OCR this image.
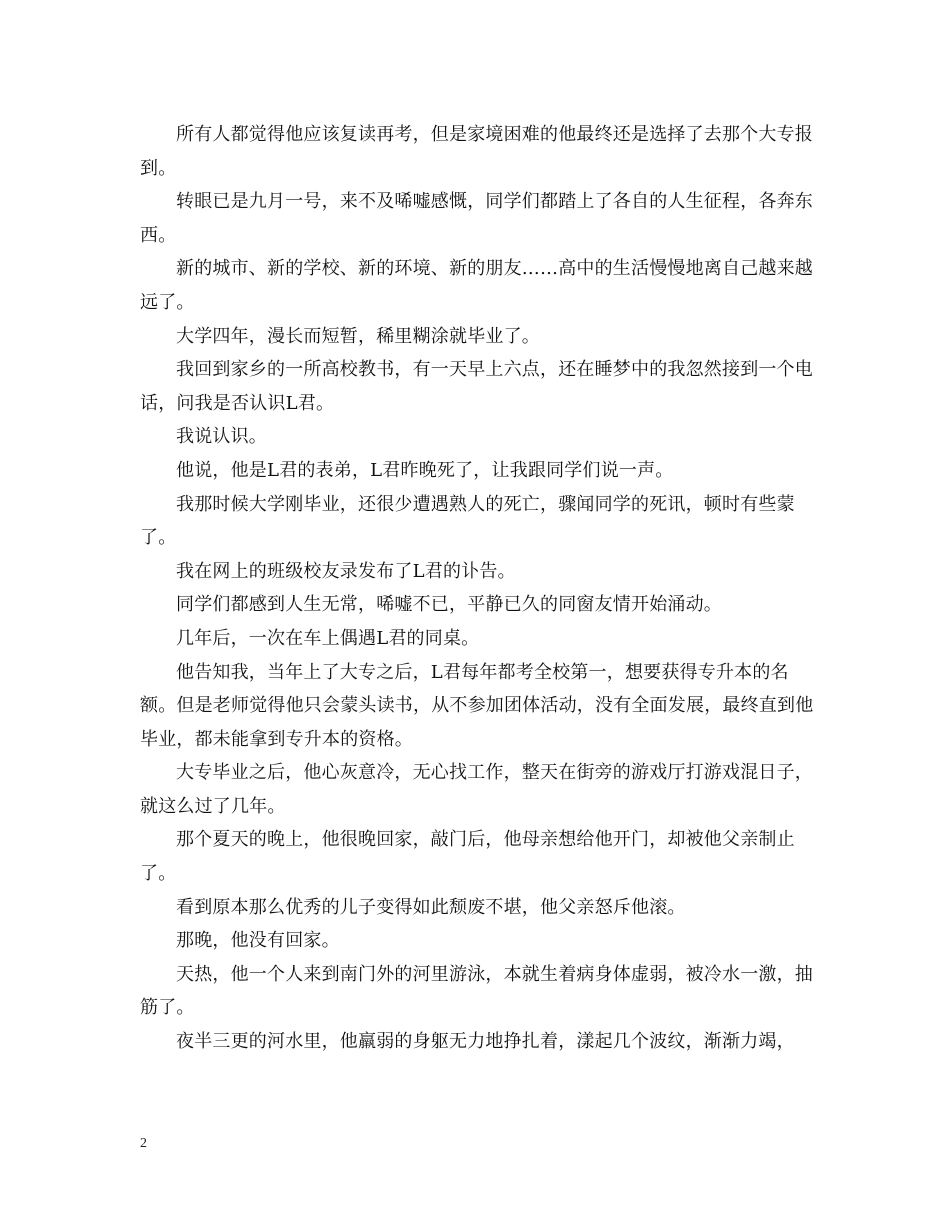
所有人都觉得他应该复读再考，但是家境困难的他最终还是选择了去那个大专报到。

转眼已是九月一号，来不及唏嘘感慨，同学们都踏上了各自的人生征程，各奔东西。

新的城市、新的学校、新的环境、新的朋友……高中的生活慢慢地离自己越来越远了。

大学四年，漫长而短暂，稀里糊涂就毕业了。

我回到家乡的一所高校教书，有一天早上六点，还在睡梦中的我忽然接到一个电话，问我是否认识L君。

我说认识。

他说，他是L君的表弟，L君昨晚死了，让我跟同学们说一声。

我那时候大学刚毕业，还很少遭遇熟人的死亡，骤闻同学的死讯，顿时有些蒙了。

我在网上的班级校友录发布了L君的讣告。

同学们都感到人生无常，唏嘘不已，平静已久的同窗友情开始涌动。

几年后，一次在车上偶遇L君的同桌。

他告知我，当年上了大专之后，L君每年都考全校第一，想要获得专升本的名额。但是老师觉得他只会蒙头读书，从不参加团体活动，没有全面发展，最终直到他毕业，都未能拿到专升本的资格。

大专毕业之后，他心灰意冷，无心找工作，整天在街旁的游戏厅打游戏混日子，就这么过了几年。

那个夏天的晚上，他很晚回家，敲门后，他母亲想给他开门，却被他父亲制止了。

看到原本那么优秀的儿子变得如此颓废不堪，他父亲怒斥他滚。

那晚，他没有回家。

天热，他一个人来到南门外的河里游泳，本就生着病身体虚弱，被冷水一激，抽筋了。

夜半三更的河水里，他羸弱的身躯无力地挣扎着，漾起几个波纹，渐渐力竭，

2
